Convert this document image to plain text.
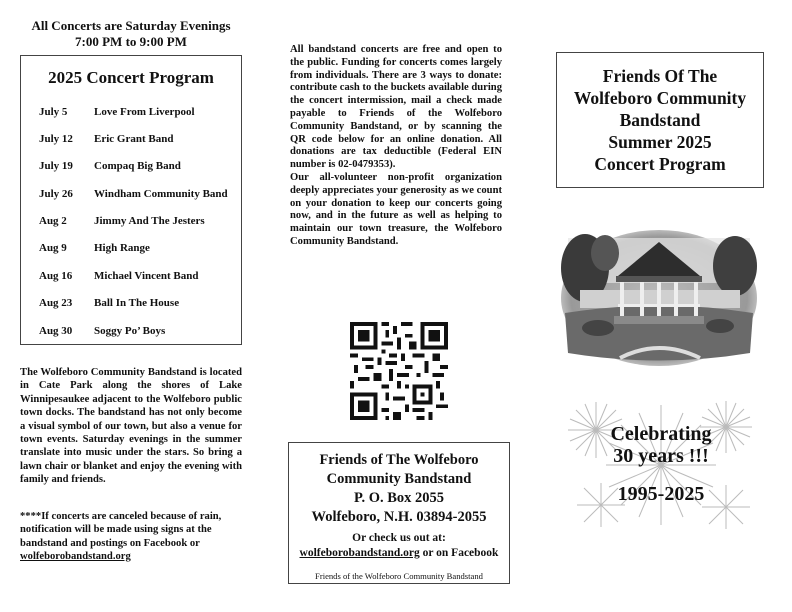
All Concerts are Saturday Evenings
7:00 PM to 9:00 PM
2025 Concert Program
July 5 Love From Liverpool
July 12 Eric Grant Band
July 19 Compaq Big Band
July 26 Windham Community Band
Aug 2 Jimmy And The Jesters
Aug 9 High Range
Aug 16 Michael Vincent Band
Aug 23 Ball In The House
Aug 30 Soggy Po’ Boys
The Wolfeboro Community Bandstand is located in Cate Park along the shores of Lake Winnipesaukee adjacent to the Wolfeboro public town docks. The bandstand has not only become a visual symbol of our town, but also a venue for town events. Saturday evenings in the summer translate into music under the stars. So bring a lawn chair or blanket and enjoy the evening with family and friends.
****If concerts are canceled because of rain, notification will be made using signs at the bandstand and postings on Facebook or wolfeborobandstand.org
All bandstand concerts are free and open to the public. Funding for concerts comes largely from individuals. There are 3 ways to donate: contribute cash to the buckets available during the concert intermission, mail a check made payable to Friends of the Wolfeboro Community Bandstand, or by scanning the QR code below for an online donation. All donations are tax deductible (Federal EIN number is 02-0479353).
Our all-volunteer non-profit organization deeply appreciates your generosity as we count on your donation to keep our concerts going now, and in the future as well as helping to maintain our town treasure, the Wolfeboro Community Bandstand.
Friends of The Wolfeboro
Community Bandstand
P. O. Box 2055
Wolfeboro, N.H. 03894-2055
Or check us out at:
wolfeborobandstand.org or on Facebook
Friends of the Wolfeboro Community Bandstand
Friends Of The
Wolfeboro Community
Bandstand
Summer 2025
Concert Program
Celebrating
30 years !!!
1995-2025
